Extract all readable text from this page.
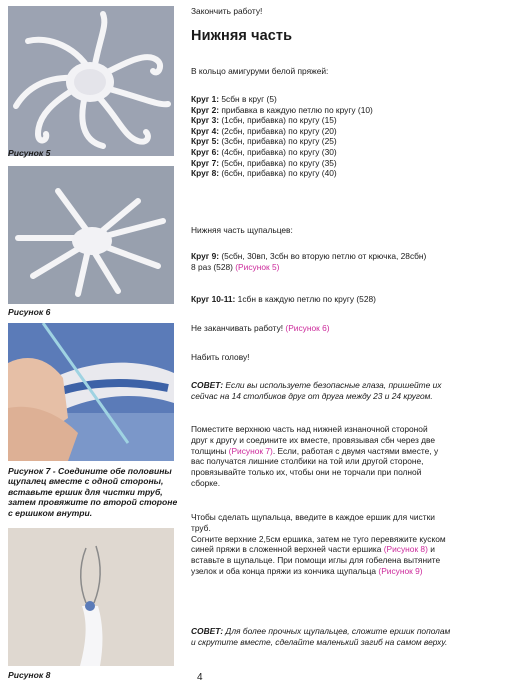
Рисунок 5
Рисунок 6
Рисунок 7 - Соедините обе половины
щупалец вместе с одной стороны,
вставьте ершик для чистки труб,
затем провяжите по второй стороне
с ершиком внутри.
Рисунок 8
Закончить работу!
Нижняя часть
В кольцо амигуруми белой пряжей:
Круг 1: 5сбн в круг (5)
Круг 2: прибавка в каждую петлю по кругу (10)
Круг 3: (1сбн, прибавка) по кругу (15)
Круг 4: (2сбн, прибавка) по кругу (20)
Круг 5: (3сбн, прибавка) по кругу (25)
Круг 6: (4сбн, прибавка) по кругу (30)
Круг 7: (5сбн, прибавка) по кругу (35)
Круг 8: (6сбн, прибавка) по кругу (40)
Нижняя часть щупальцев:
Круг 9: (5сбн, 30вп, 3сбн во вторую петлю от крючка, 28сбн)
8 раз (528) (Рисунок 5)
Круг 10-11: 1сбн в каждую петлю по кругу (528)
Не заканчивать работу! (Рисунок 6)
Набить голову!
СОВЕТ: Если вы используете безопасные глаза, пришейте их
сейчас на 14 столбиков друг от друга между 23 и 24 кругом.
Поместите верхнюю часть над нижней изнаночной стороной
друг к другу и соедините их вместе, провязывая сбн через две
толщины (Рисунок 7). Если, работая с двумя частями вместе, у
вас получатся лишние столбики на той или другой стороне,
провязывайте только их, чтобы они не торчали при полной
сборке.
Чтобы сделать щупальца, введите в каждое ершик для чистки
труб.
Согните верхние 2,5см ершика, затем не туго перевяжите куском
синей пряжи в сложенной верхней части ершика (Рисунок 8) и
вставьте в щупальце. При помощи иглы для гобелена вытяните
узелок и оба конца пряжи из кончика щупальца (Рисунок 9)
СОВЕТ: Для более прочных щупальцев, сложите ершик пополам
и скрутите вместе, сделайте маленький загиб на самом верху.
4
